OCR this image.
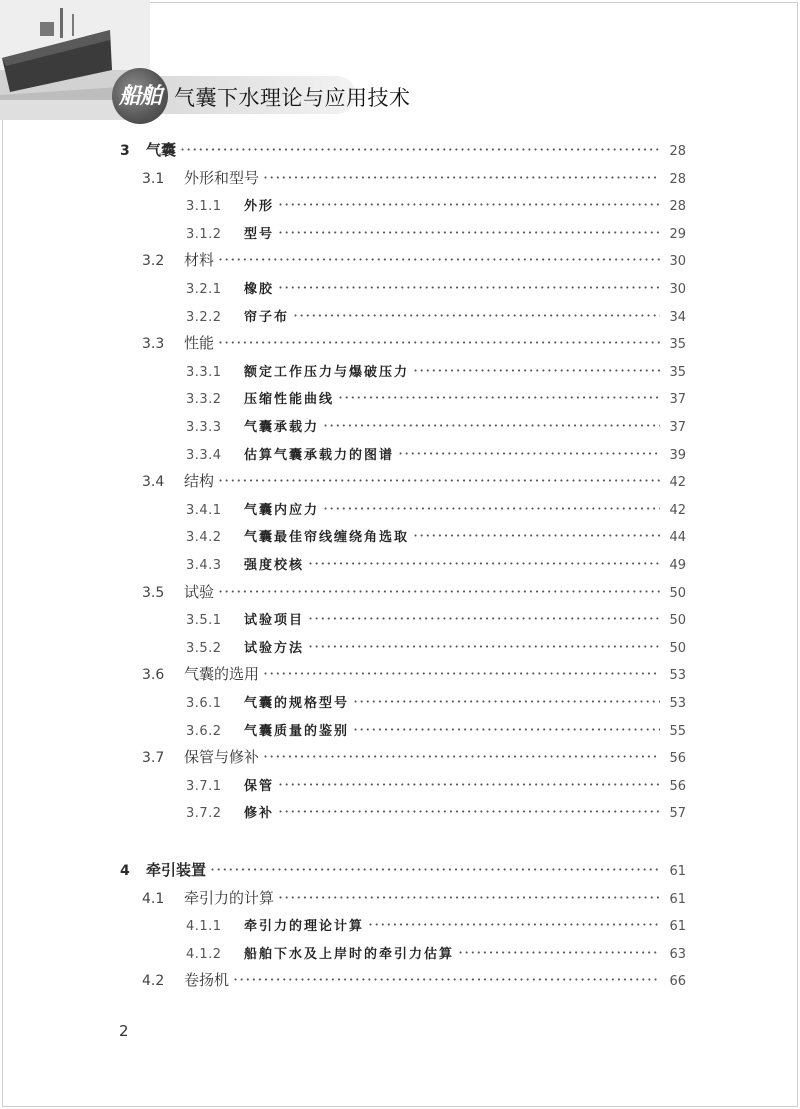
船舶 气囊下水理论与应用技术
3	气囊 ·····	28
3.1	外形和型号 ·····	28
3.1.1	外形 ·····	28
3.1.2	型号 ·····	29
3.2	材料 ·····	30
3.2.1	橡胶 ·····	30
3.2.2	帘子布 ·····	34
3.3	性能 ·····	35
3.3.1	额定工作压力与爆破压力 ·····	35
3.3.2	压缩性能曲线 ·····	37
3.3.3	气囊承载力 ·····	37
3.3.4	估算气囊承载力的图谱 ·····	39
3.4	结构 ·····	42
3.4.1	气囊内应力 ·····	42
3.4.2	气囊最佳帘线缠绕角选取 ·····	44
3.4.3	强度校核 ·····	49
3.5	试验 ·····	50
3.5.1	试验项目 ·····	50
3.5.2	试验方法 ·····	50
3.6	气囊的选用 ·····	53
3.6.1	气囊的规格型号 ·····	53
3.6.2	气囊质量的鉴别 ·····	55
3.7	保管与修补 ·····	56
3.7.1	保管 ·····	56
3.7.2	修补 ·····	57
4	牵引装置 ·····	61
4.1	牵引力的计算 ·····	61
4.1.1	牵引力的理论计算 ·····	61
4.1.2	船舶下水及上岸时的牵引力估算 ·····	63
4.2	卷扬机 ·····	66
2
